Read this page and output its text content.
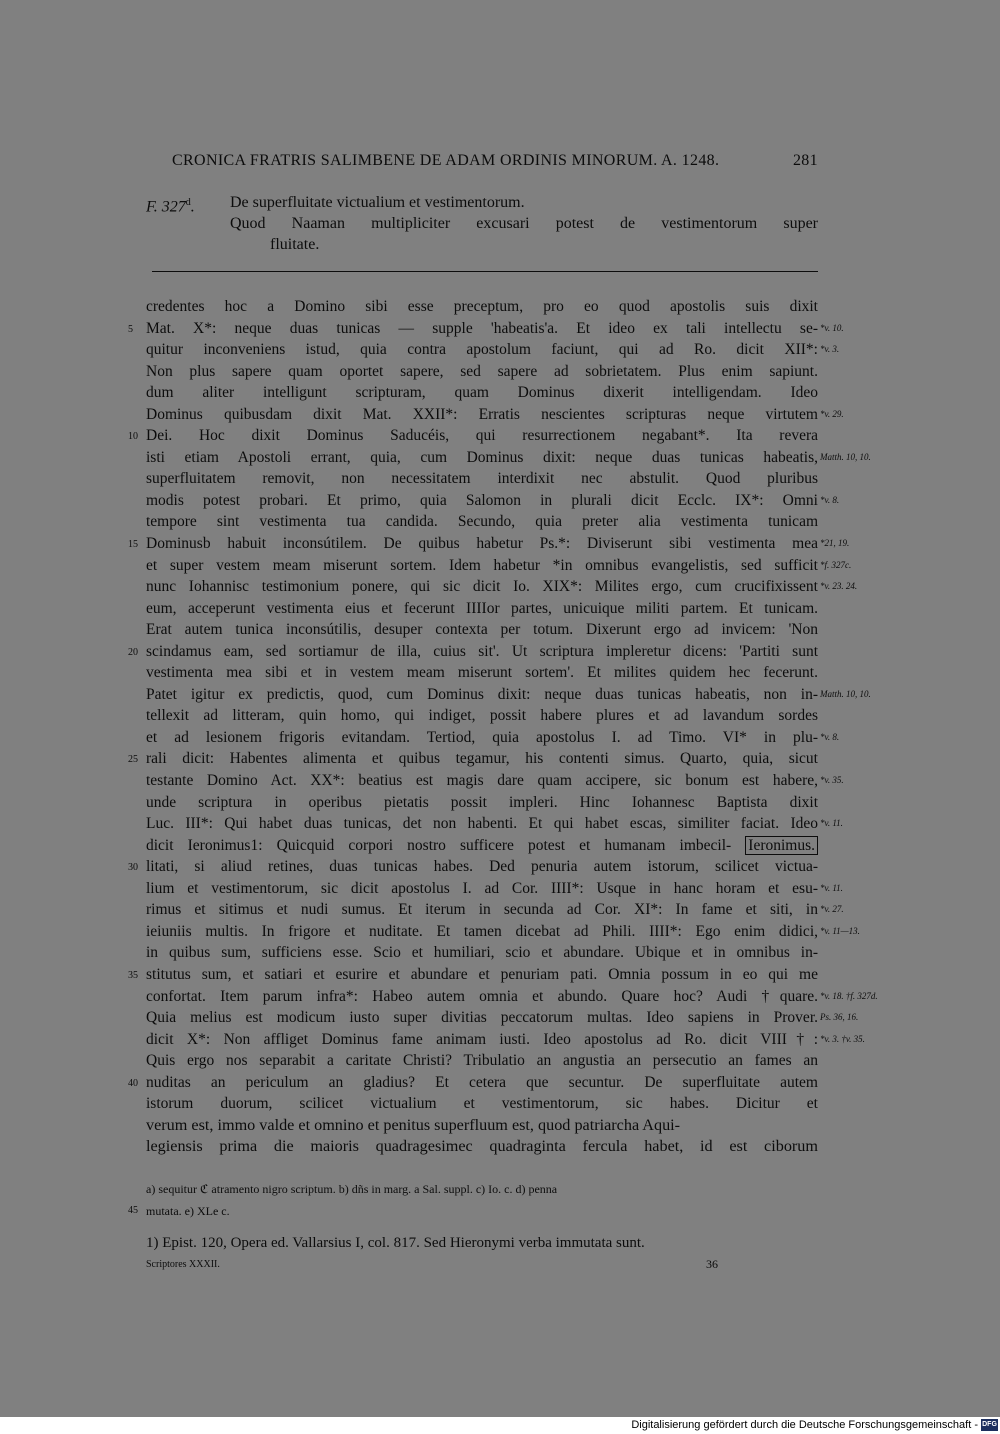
CRONICA FRATRIS SALIMBENE DE ADAM ORDINIS MINORUM. A. 1248.	281
F. 327$^d$. De superfluitate victualium et vestimentorum.
Quod Naaman multipliciter excusari potest de vestimentorum super
fluitate.
credentes hoc a Domino sibi esse preceptum, pro eo quod apostolis suis dixit
5 Mat. X*: neque duas tunicas — supple 'habeatis'a. Et ideo ex tali intellectu se- *v. 10.
quitur inconveniens istud, quia contra apostolum faciunt, qui ad Ro. dicit XII*: *v. 3.
Non plus sapere quam oportet sapere, sed sapere ad sobrietatem. Plus enim sapiunt.
dum aliter intelligunt scripturam, quam Dominus dixerit intelligendam. Ideo
Dominus quibusdam dixit Mat. XXII*: Erratis nescientes scripturas neque virtutem *v. 29.
10 Dei. Hoc dixit Dominus Saducéis, qui resurrectionem negabant*. Ita revera
isti etiam Apostoli errant, quia, cum Dominus dixit: neque duas tunicas habeatis, Matth. 10, 10.
superfluitatem removit, non necessitatem interdixit nec abstulit. Quod pluribus
modis potest probari. Et primo, quia Salomon in plurali dicit Ecclc. IX*: Omni *v. 8.
tempore sint vestimenta tua candida. Secundo, quia preter alia vestimenta tunicam
15 Dominusb habuit inconsútilem. De quibus habetur Ps.*: Diviserunt sibi vestimenta mea *21, 19.
et super vestem meam miserunt sortem. Idem habetur *in omnibus evangelistis, sed sufficit *f. 327c.
nunc Iohannisc testimonium ponere, qui sic dicit Io. XIX*: Milites ergo, cum crucifixissent *v. 23. 24.
eum, acceperunt vestimenta eius et fecerunt IIIIor partes, unicuique militi partem. Et tunicam.
Erat autem tunica inconsútilis, desuper contexta per totum. Dixerunt ergo ad invicem: 'Non
20 scindamus eam, sed sortiamur de illa, cuius sit'. Ut scriptura impleretur dicens: 'Partiti sunt
vestimenta mea sibi et in vestem meam miserunt sortem'. Et milites quidem hec fecerunt.
Patet igitur ex predictis, quod, cum Dominus dixit: neque duas tunicas habeatis, non in- Matth. 10, 10.
tellexit ad litteram, quin homo, qui indiget, possit habere plures et ad lavandum sordes
et ad lesionem frigoris evitandam. Tertiod, quia apostolus I. ad Timo. VI* in plu- *v. 8.
25 rali dicit: Habentes alimenta et quibus tegamur, his contenti simus. Quarto, quia, sicut
testante Domino Act. XX*: beatius est magis dare quam accipere, sic bonum est habere, *v. 35.
unde scriptura in operibus pietatis possit impleri. Hinc Iohannesc Baptista dixit
Luc. III*: Qui habet duas tunicas, det non habenti. Et qui habet escas, similiter faciat. Ideo *v. 11.
dicit Ieronimus1: Quicquid corpori nostro sufficere potest et humanam imbecil- Ieronimus.
30 litati, si aliud retines, duas tunicas habes. Ded penuria autem istorum, scilicet victua-
lium et vestimentorum, sic dicit apostolus I. ad Cor. IIII*: Usque in hanc horam et esu- *v. 11.
rimus et sitimus et nudi sumus. Et iterum in secunda ad Cor. XI*: In fame et siti, in *v. 27.
ieiuniis multis. In frigore et nuditate. Et tamen dicebat ad Phili. IIII*: Ego enim didici, *v. 11—13.
in quibus sum, sufficiens esse. Scio et humiliari, scio et abundare. Ubique et in omnibus in-
35 stitutus sum, et satiari et esurire et abundare et penuriam pati. Omnia possum in eo qui me
confortat. Item parum infra*: Habeo autem omnia et abundo. Quare hoc? Audi †quare. *v. 18. †f. 327d.
Quia melius est modicum iusto super divitias peccatorum multas. Ideo sapiens in Prover. Ps. 36, 16.
dicit X*: Non affliget Dominus fame animam iusti. Ideo apostolus ad Ro. dicit VIII†: *v. 3. †v. 35.
Quis ergo nos separabit a caritate Christi? Tribulatio an angustia an persecutio an fames an
40 nuditas an periculum an gladius? Et cetera que secuntur. De superfluitate autem
istorum duorum, scilicet victualium et vestimentorum, sic habes. Dicitur et
verum est, immo valde et omnino et penitus superfluum est, quod patriarcha Aqui-
legiensis prima die maioris quadragesimec quadraginta fercula habet, id est ciborum
a) sequitur ℭ atramento nigro scriptum. b) dñs in marg. a Sal. suppl. c) Io. c. d) penna
45 mutata. e) XLe c.
1) Epist. 120, Opera ed. Vallarsius I, col. 817. Sed Hieronymi verba immutata sunt.
Scriptores XXXII.	36
Digitalisierung gefördert durch die Deutsche Forschungsgemeinschaft - DFG
